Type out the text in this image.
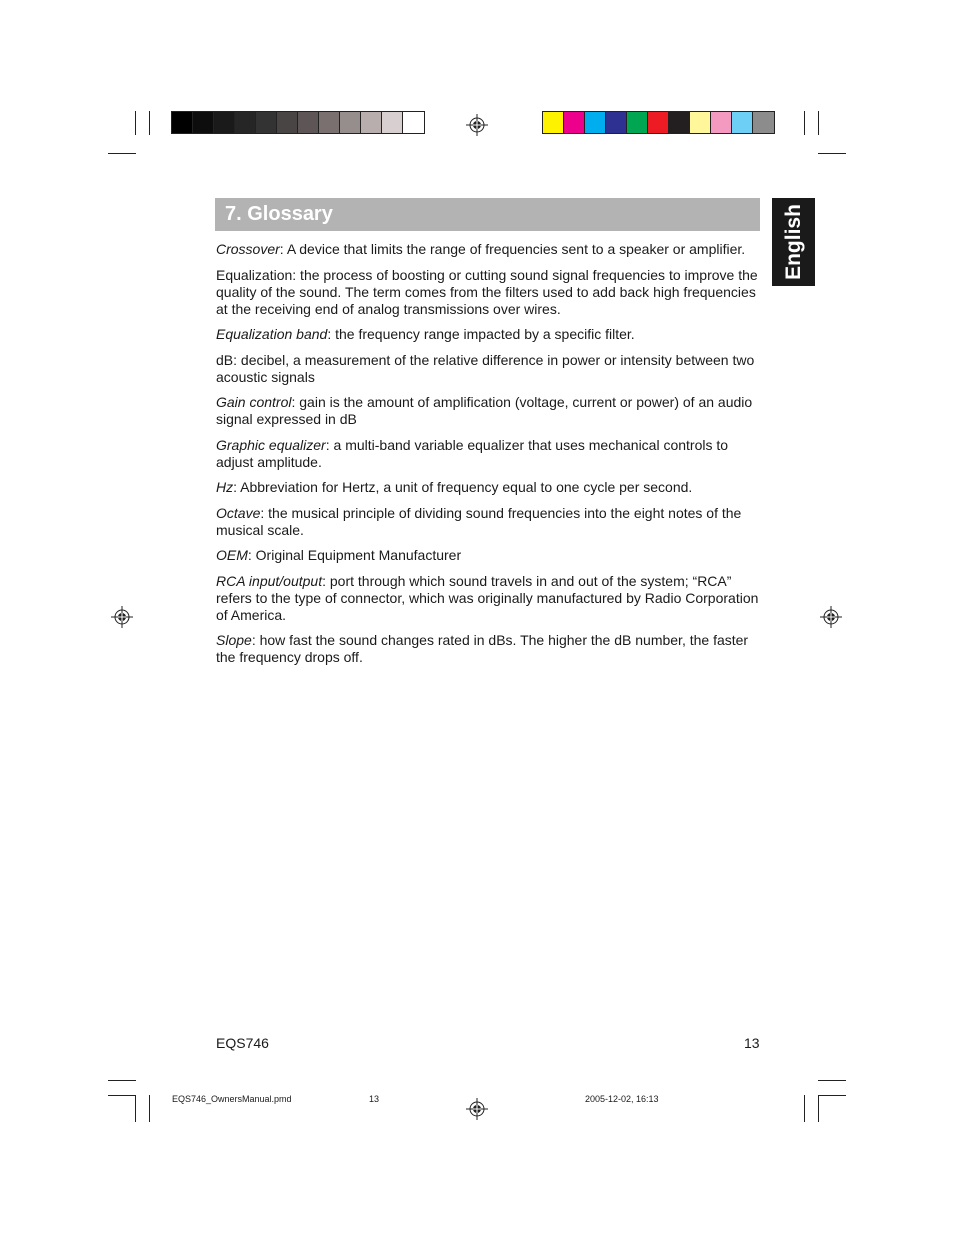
7. Glossary	English

Crossover: A device that limits the range of frequencies sent to a speaker or amplifier.

Equalization: the process of boosting or cutting sound signal frequencies to improve the quality of the sound. The term comes from the filters used to add back high frequencies at the receiving end of analog transmissions over wires.

Equalization band: the frequency range impacted by a specific filter.

dB: decibel, a measurement of the relative difference in power or intensity between two acoustic signals

Gain control: gain is the amount of amplification (voltage, current or power) of an audio signal expressed in dB

Graphic equalizer: a multi-band variable equalizer that uses mechanical controls to adjust amplitude.

Hz: Abbreviation for Hertz, a unit of frequency equal to one cycle per second.

Octave: the musical principle of dividing sound frequencies into the eight notes of the musical scale.

OEM: Original Equipment Manufacturer

RCA input/output: port through which sound travels in and out of the system; “RCA” refers to the type of connector, which was originally manufactured by Radio Corporation of America.

Slope: how fast the sound changes rated in dBs. The higher the dB number, the faster the frequency drops off.

EQS746	13
EQS746_OwnersManual.pmd	13	2005-12-02, 16:13
